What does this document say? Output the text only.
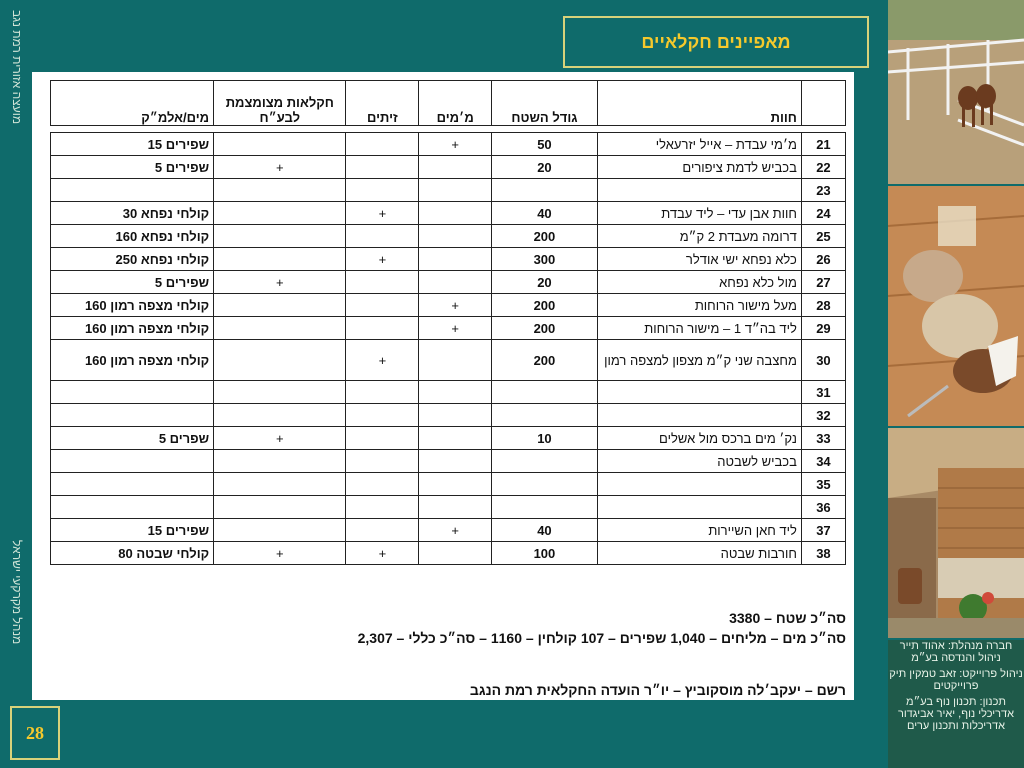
מועצה אזורית רמת נגב
מנהל מקרקעי ישראל
מאפיינים חקלאיים
	חוות	גודל השטח	מ׳מים	זיתים	חקלאות מצומצמת לבע״ח	מים/אלמ״ק

21	מ׳מי עבדת – אייל יזרעאלי	50	+			שפירים 15
22	בכביש לדמת ציפורים	20			+	שפירים 5
23						
24	חוות אבן עדי – ליד עבדת	40		+		קולחי נפחא 30
25	דרומה מעבדת 2 ק״מ	200				קולחי נפחא 160
26	כלא נפחא ישי אודלר	300		+		קולחי נפחא 250
27	מול כלא נפחא	20			+	שפירים 5
28	מעל מישור הרוחות	200	+			קולחי מצפה רמון 160
29	ליד בה״ד 1 – מישור הרוחות	200	+			קולחי מצפה רמון 160
30	מחצבה שני ק״מ מצפון למצפה רמון	200		+		קולחי מצפה רמון 160
31						
32						
33	נק׳ מים ברכס מול אשלים	10			+	שפרים 5
34	בכביש לשבטה					
35						
36						
37	ליד חאן השיירות	40	+			שפירים 15
38	חורבות שבטה	100		+	+	קולחי שבטה 80
סה״כ שטח – 3380
סה״כ מים – מליחים – 1,040 שפירים – 107 קולחין – 1160 – סה״כ כללי – 2,307
רשם – יעקב׳לה מוסקוביץ – יו״ר הועדה החקלאית רמת הנגב
28
חברה מנהלת: אהוד תייר ניהול והנדסה בע״מ
ניהול פרוייקט: זאב טמקין תיק פרוייקטים
תכנון: תכנון נוף בע״מ אדריכלי נוף, יאיר אביגדור אדריכלות ותכנון ערים
